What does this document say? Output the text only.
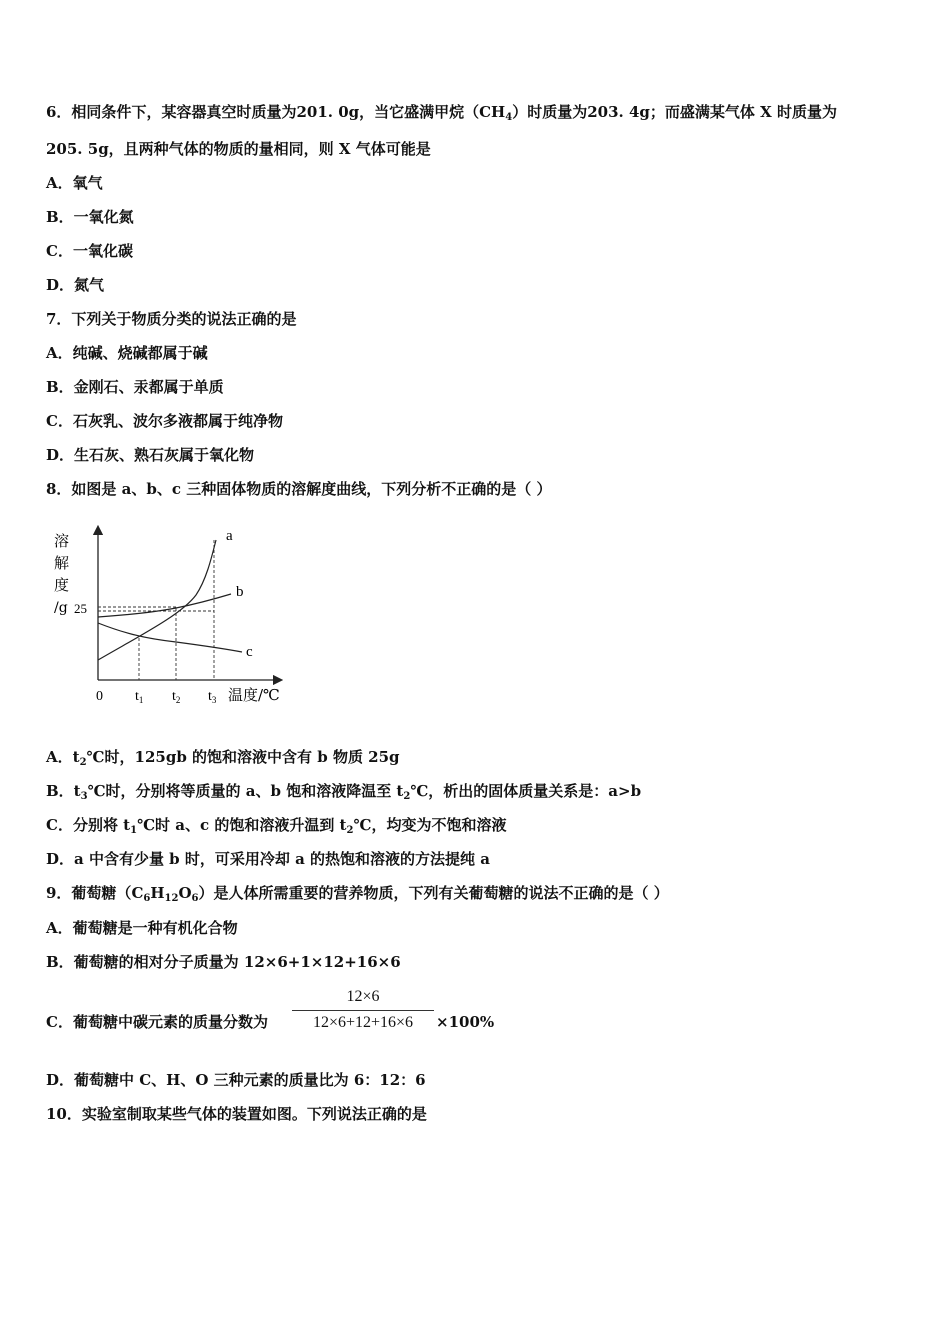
6．相同条件下，某容器真空时质量为201. 0g，当它盛满甲烷$(CH_4)$时质量为203. 4g；而盛满某气体 X 时质量为
205. 5g，且两种气体的物质的量相同，则 X 气体可能是
A．氧气
B．一氧化氮
C．一氧化碳
D．氮气
7．下列关于物质分类的说法正确的是
A．纯碱、烧碱都属于碱
B．金刚石、汞都属于单质
C．石灰乳、波尔多液都属于纯净物
D．生石灰、熟石灰属于氧化物
8．如图是 a、b、c 三种固体物质的溶解度曲线，下列分析不正确的是（ ）
溶
解
度
/g 25
a
b
c
0 $t_1$ $t_2$ $t_3$ 温度/℃
A．$t_2℃$时，125gb 的饱和溶液中含有 b 物质 25g
B．$t_3℃$时，分别将等质量的 a、b 饱和溶液降温至 $t_2℃$，析出的固体质量关系是：a>b
C．分别将 $t_1℃$时 a、c 的饱和溶液升温到 $t_2℃$，均变为不饱和溶液
D．a 中含有少量 b 时，可采用冷却 a 的热饱和溶液的方法提纯 a
9．葡萄糖$(C_6H_{12}O_6)$是人体所需重要的营养物质，下列有关葡萄糖的说法不正确的是（ ）
A．葡萄糖是一种有机化合物
B．葡萄糖的相对分子质量为 12×6+1×12+16×6
C．葡萄糖中碳元素的质量分数为 $\frac{12\times 6}{12\times 6+12+16\times 6} \times 100\%$
D．葡萄糖中 C、H、O 三种元素的质量比为 6：12：6
10．实验室制取某些气体的装置如图。下列说法正确的是
